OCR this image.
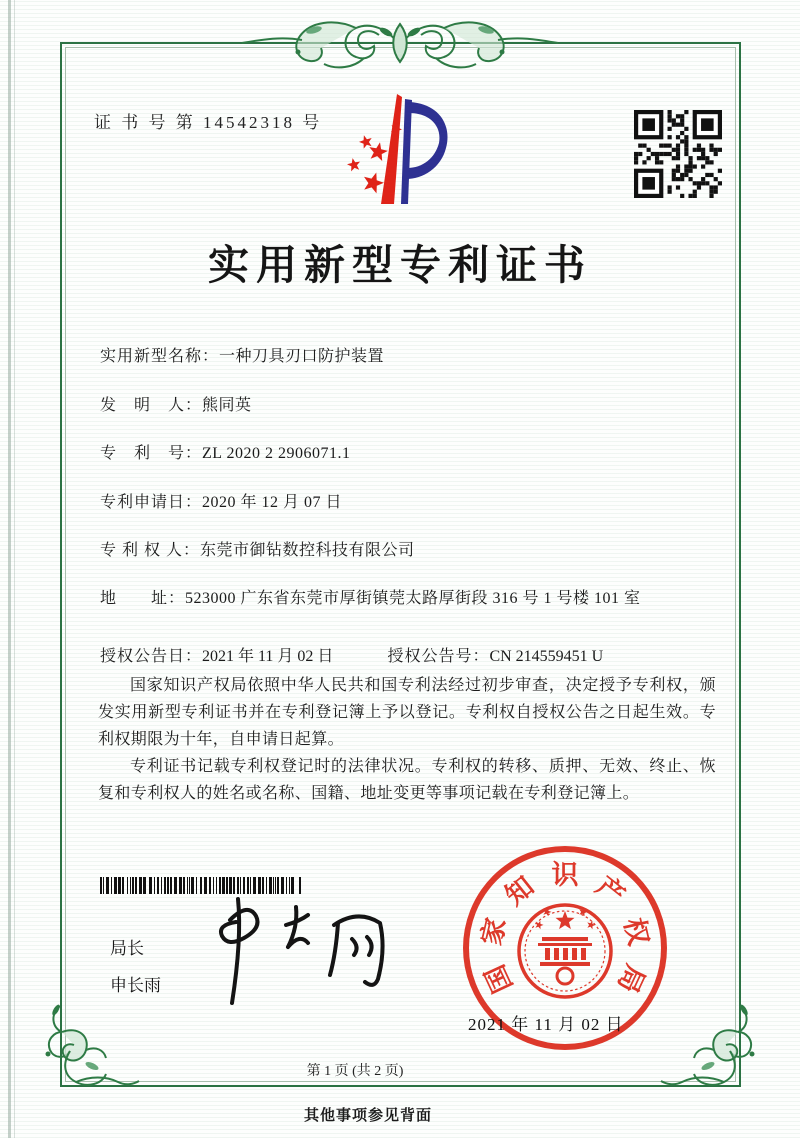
证 书 号 第 14542318 号
实用新型专利证书
实用新型名称： 一种刀具刃口防护装置
发　明　人： 熊同英
专　利　号： ZL 2020 2 2906071.1
专利申请日： 2020 年 12 月 07 日
专 利 权 人： 东莞市御钻数控科技有限公司
地　　址： 523000 广东省东莞市厚街镇莞太路厚街段 316 号 1 号楼 101 室
授权公告日： 2021 年 11 月 02 日	授权公告号： CN 214559451 U

国家知识产权局依照中华人民共和国专利法经过初步审查，决定授予专利权，颁发实用新型专利证书并在专利登记簿上予以登记。专利权自授权公告之日起生效。专利权期限为十年，自申请日起算。

专利证书记载专利权登记时的法律状况。专利权的转移、质押、无效、终止、恢复和专利权人的姓名或名称、国籍、地址变更等事项记载在专利登记簿上。

局长
申长雨	国
家
知 识 产
权
局
2021 年 11 月 02 日
第 1 页 (共 2 页)
其他事项参见背面
